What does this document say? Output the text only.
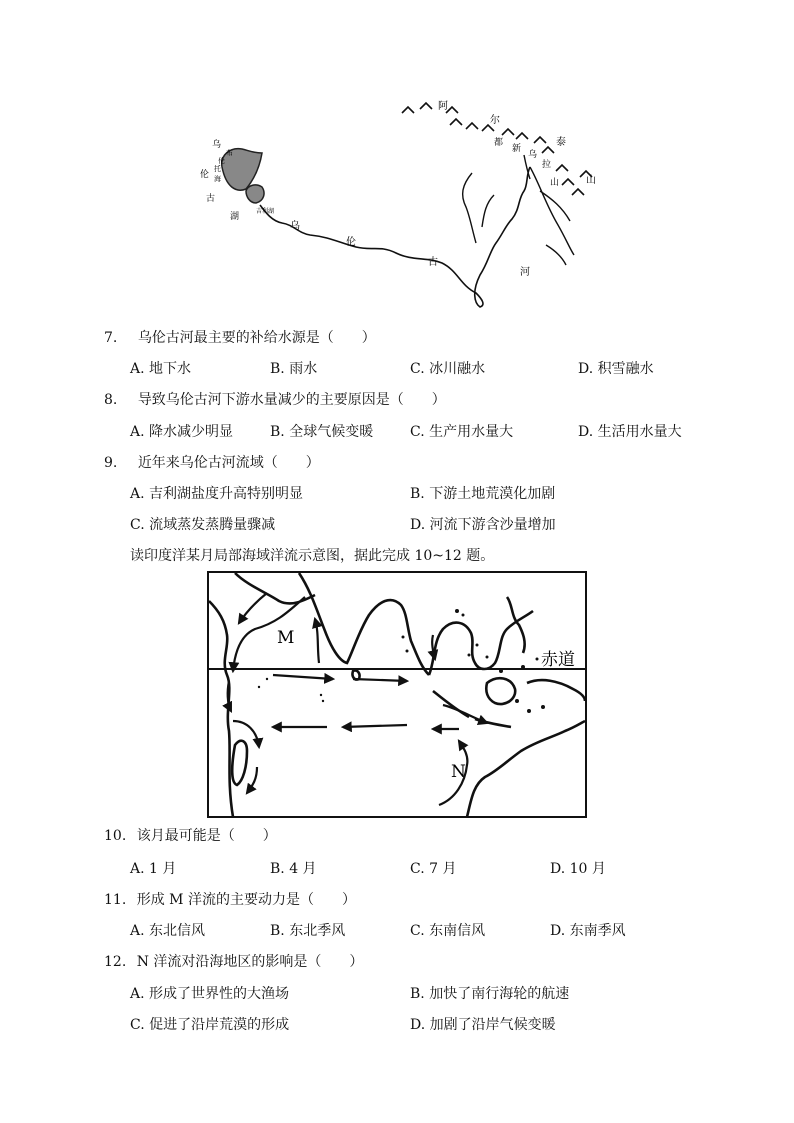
乌
布
伦
托
海
伦
古
湖
吉利湖
乌
伦
古
河
阿
尔
泰
山
都
新
乌
拉
山
7. 乌伦古河最主要的补给水源是（　　）
A. 地下水	B. 雨水	C. 冰川融水	D. 积雪融水
8. 导致乌伦古河下游水量减少的主要原因是（　　）
A. 降水减少明显	B. 全球气候变暖	C. 生产用水量大	D. 生活用水量大
9. 近年来乌伦古河流域（　　）
A. 吉利湖盐度升高特别明显	B. 下游土地荒漠化加剧
C. 流域蒸发蒸腾量骤减	D. 河流下游含沙量增加
读印度洋某月局部海域洋流示意图，据此完成 10~12 题。
M
N
赤道
10. 该月最可能是（　　）
A. 1 月	B. 4 月	C. 7 月	D. 10 月
11. 形成 M 洋流的主要动力是（　　）
A. 东北信风	B. 东北季风	C. 东南信风	D. 东南季风
12. N 洋流对沿海地区的影响是（　　）
A. 形成了世界性的大渔场	B. 加快了南行海轮的航速
C. 促进了沿岸荒漠的形成	D. 加剧了沿岸气候变暖
